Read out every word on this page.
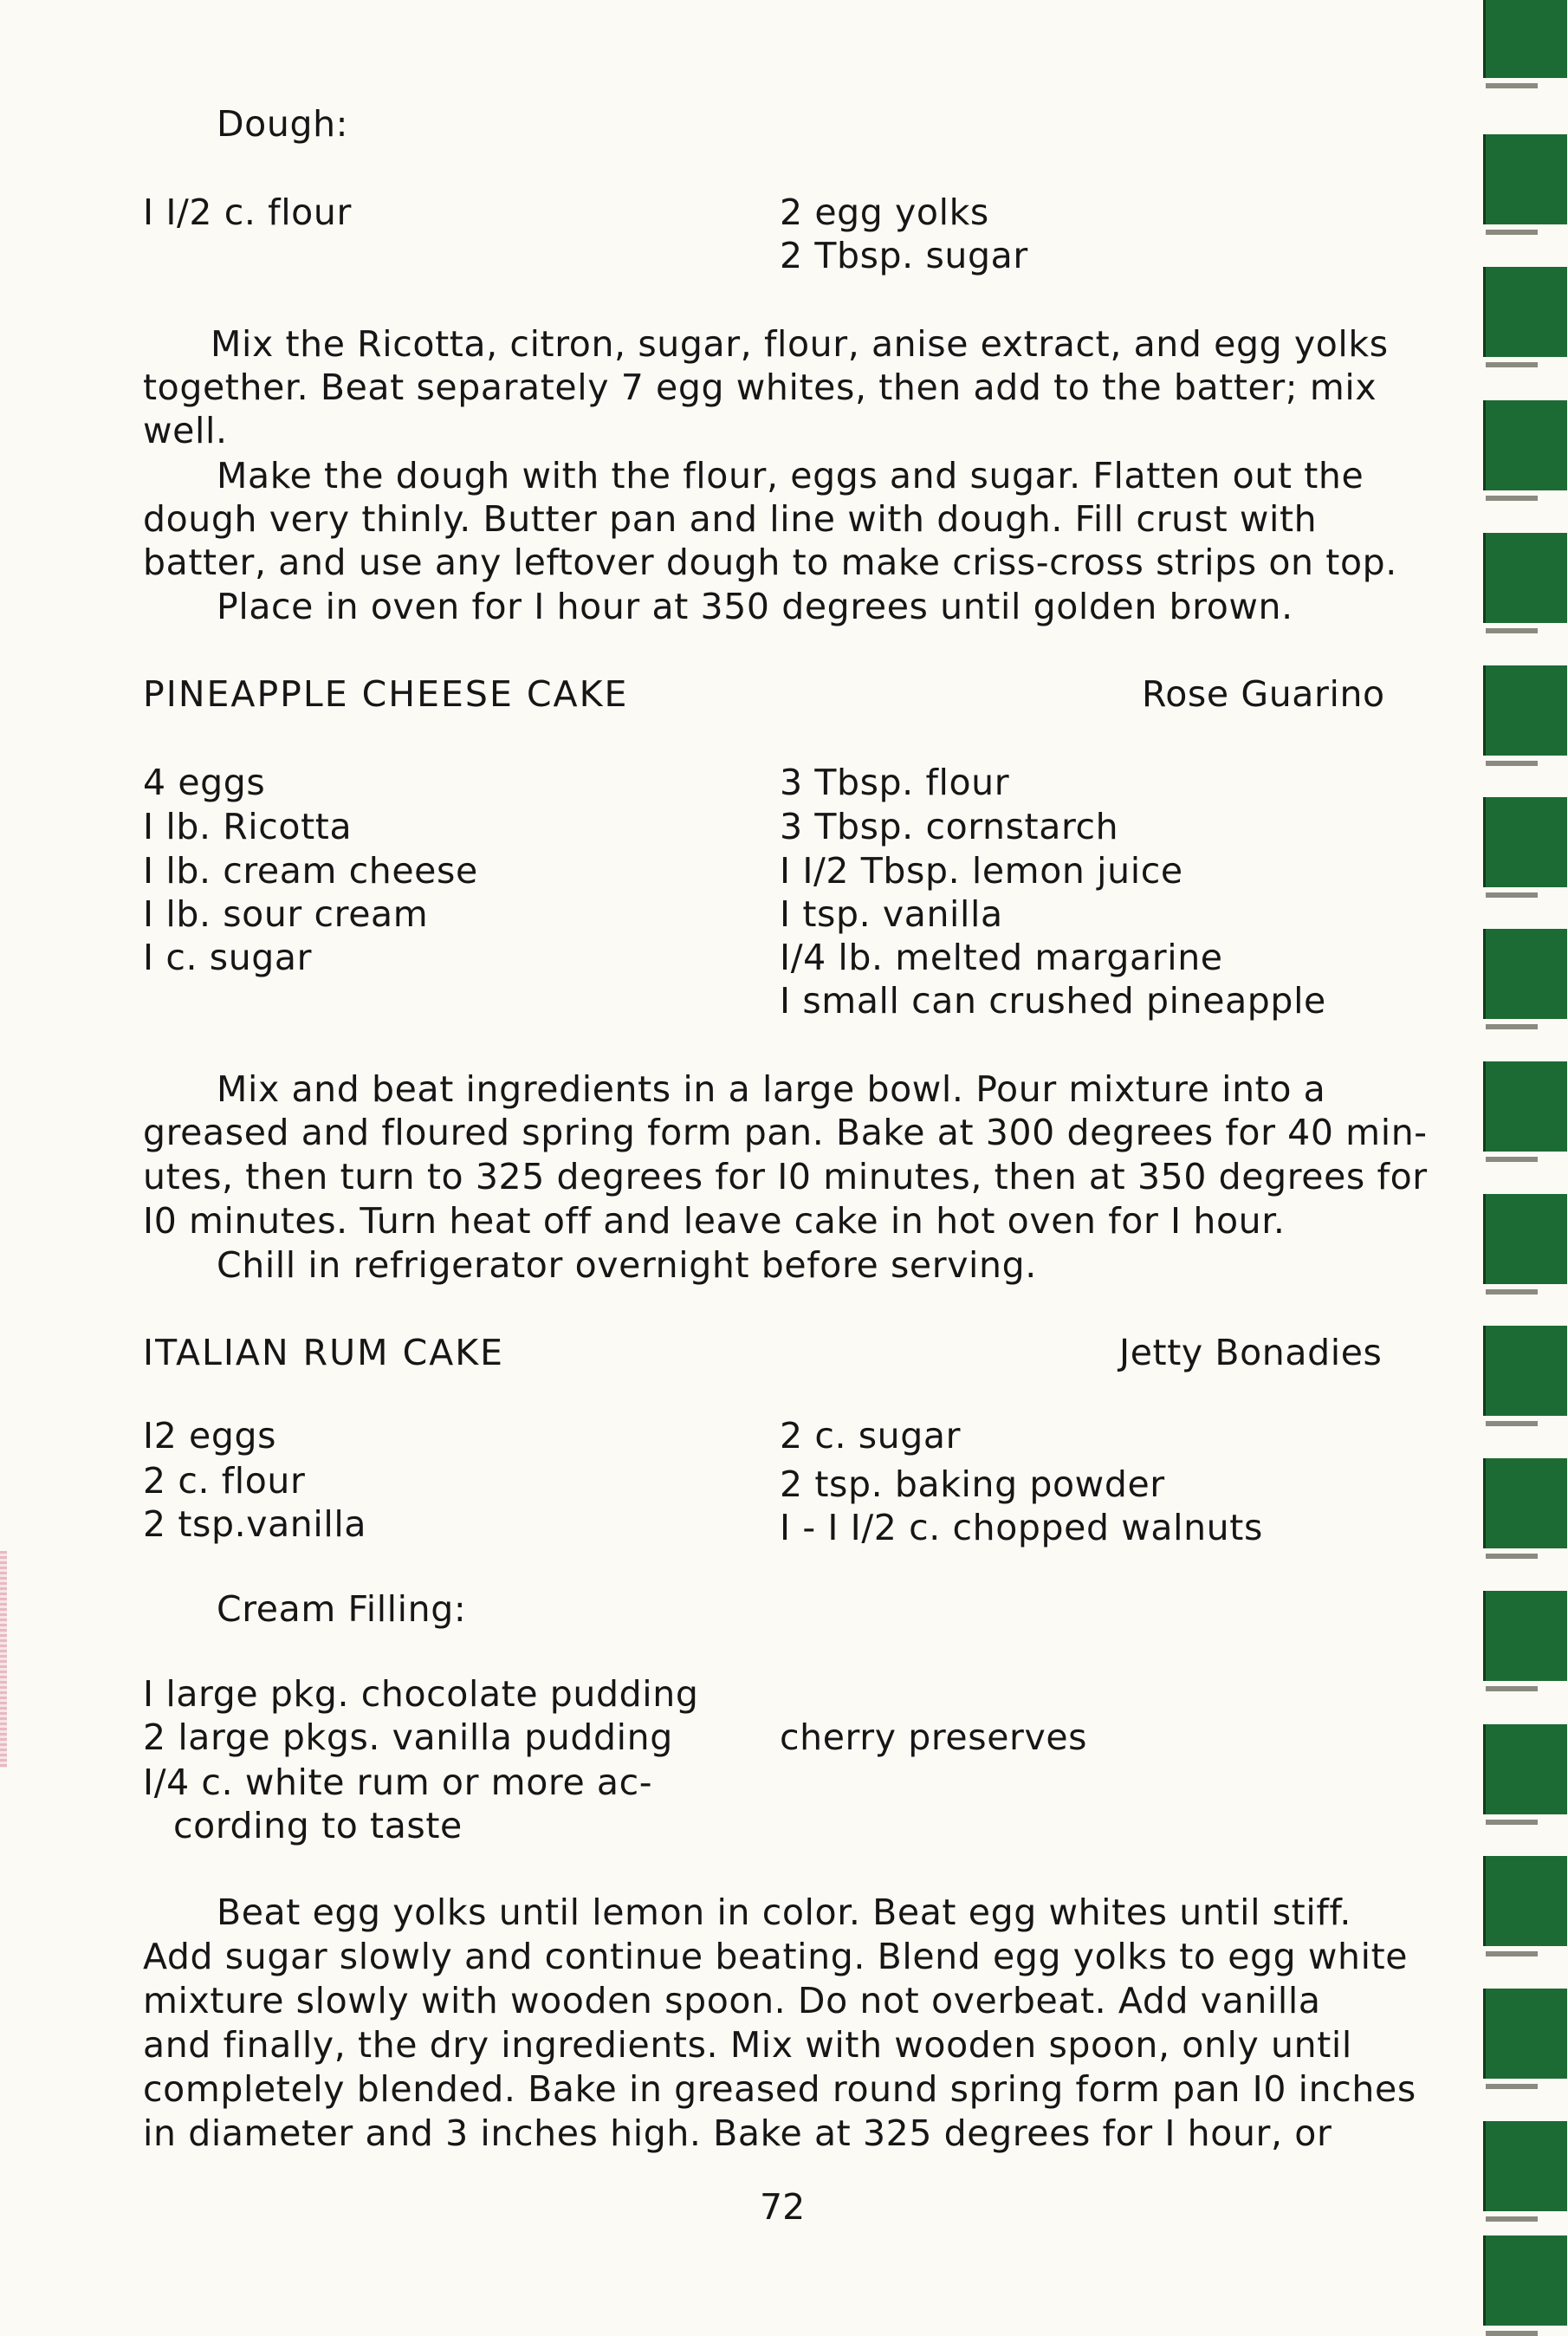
Dough:
I I/2 c. flour	2 egg yolks
2 Tbsp. sugar
Mix the Ricotta, citron, sugar, flour, anise extract, and egg yolks
together. Beat separately 7 egg whites, then add to the batter; mix
well.
Make the dough with the flour, eggs and sugar. Flatten out the
dough very thinly. Butter pan and line with dough. Fill crust with
batter, and use any leftover dough to make criss-cross strips on top.
Place in oven for I hour at 350 degrees until golden brown.
PINEAPPLE CHEESE CAKE	Rose Guarino
4 eggs
I lb. Ricotta
I lb. cream cheese
I lb. sour cream
I c. sugar
3 Tbsp. flour
3 Tbsp. cornstarch
I I/2 Tbsp. lemon juice
I tsp. vanilla
I/4 lb. melted margarine
I small can crushed pineapple
Mix and beat ingredients in a large bowl. Pour mixture into a
greased and floured spring form pan. Bake at 300 degrees for 40 min-
utes, then turn to 325 degrees for I0 minutes, then at 350 degrees for
I0 minutes. Turn heat off and leave cake in hot oven for I hour.
Chill in refrigerator overnight before serving.
ITALIAN RUM CAKE	Jetty Bonadies
I2 eggs
2 c. flour
2 tsp.vanilla
2 c. sugar
2 tsp. baking powder
I - I I/2 c. chopped walnuts
Cream Filling:
I large pkg. chocolate pudding
2 large pkgs. vanilla pudding
I/4 c. white rum or more ac-
cording to taste
cherry preserves
Beat egg yolks until lemon in color. Beat egg whites until stiff.
Add sugar slowly and continue beating. Blend egg yolks to egg white
mixture slowly with wooden spoon. Do not overbeat. Add vanilla
and finally, the dry ingredients. Mix with wooden spoon, only until
completely blended. Bake in greased round spring form pan I0 inches
in diameter and 3 inches high. Bake at 325 degrees for I hour, or
72
